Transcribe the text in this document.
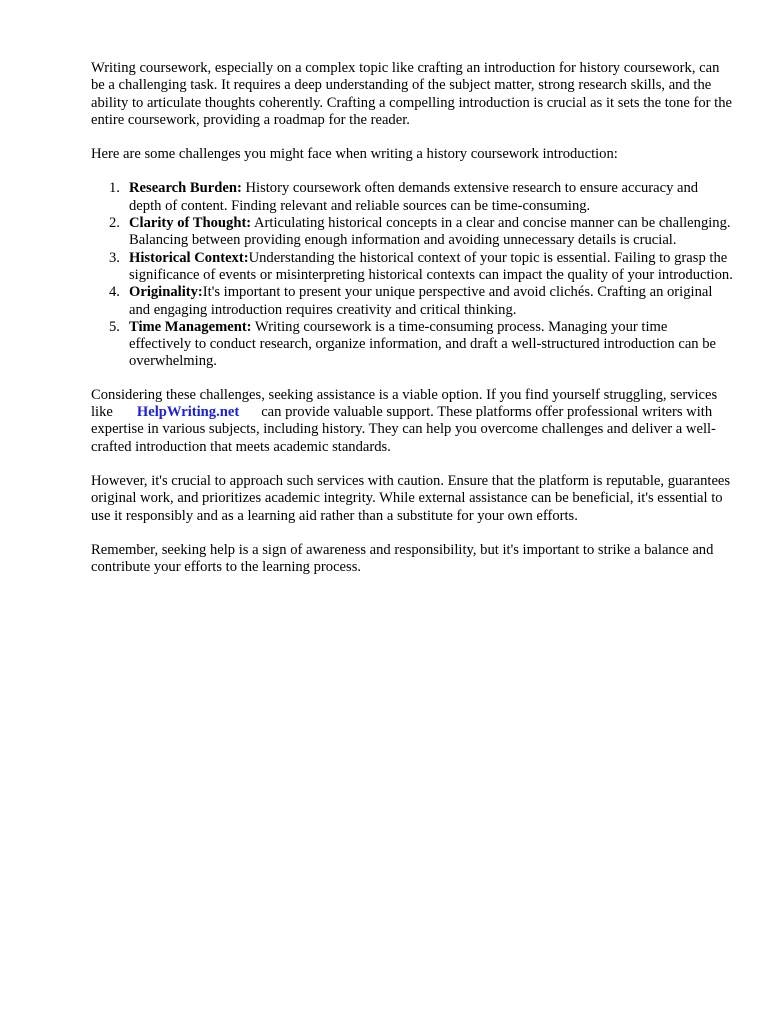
Writing coursework, especially on a complex topic like crafting an introduction for history coursework, can be a challenging task. It requires a deep understanding of the subject matter, strong research skills, and the ability to articulate thoughts coherently. Crafting a compelling introduction is crucial as it sets the tone for the entire coursework, providing a roadmap for the reader.

Here are some challenges you might face when writing a history coursework introduction:

Research Burden: History coursework often demands extensive research to ensure accuracy and depth of content. Finding relevant and reliable sources can be time-consuming.
Clarity of Thought: Articulating historical concepts in a clear and concise manner can be challenging. Balancing between providing enough information and avoiding unnecessary details is crucial.
Historical Context:Understanding the historical context of your topic is essential. Failing to grasp the significance of events or misinterpreting historical contexts can impact the quality of your introduction.
Originality:It's important to present your unique perspective and avoid clichés. Crafting an original and engaging introduction requires creativity and critical thinking.
Time Management: Writing coursework is a time-consuming process. Managing your time effectively to conduct research, organize information, and draft a well-structured introduction can be overwhelming.

Considering these challenges, seeking assistance is a viable option. If you find yourself struggling, services like HelpWriting.net can provide valuable support. These platforms offer professional writers with expertise in various subjects, including history. They can help you overcome challenges and deliver a well-crafted introduction that meets academic standards.

However, it's crucial to approach such services with caution. Ensure that the platform is reputable, guarantees original work, and prioritizes academic integrity. While external assistance can be beneficial, it's essential to use it responsibly and as a learning aid rather than a substitute for your own efforts.

Remember, seeking help is a sign of awareness and responsibility, but it's important to strike a balance and contribute your efforts to the learning process.
